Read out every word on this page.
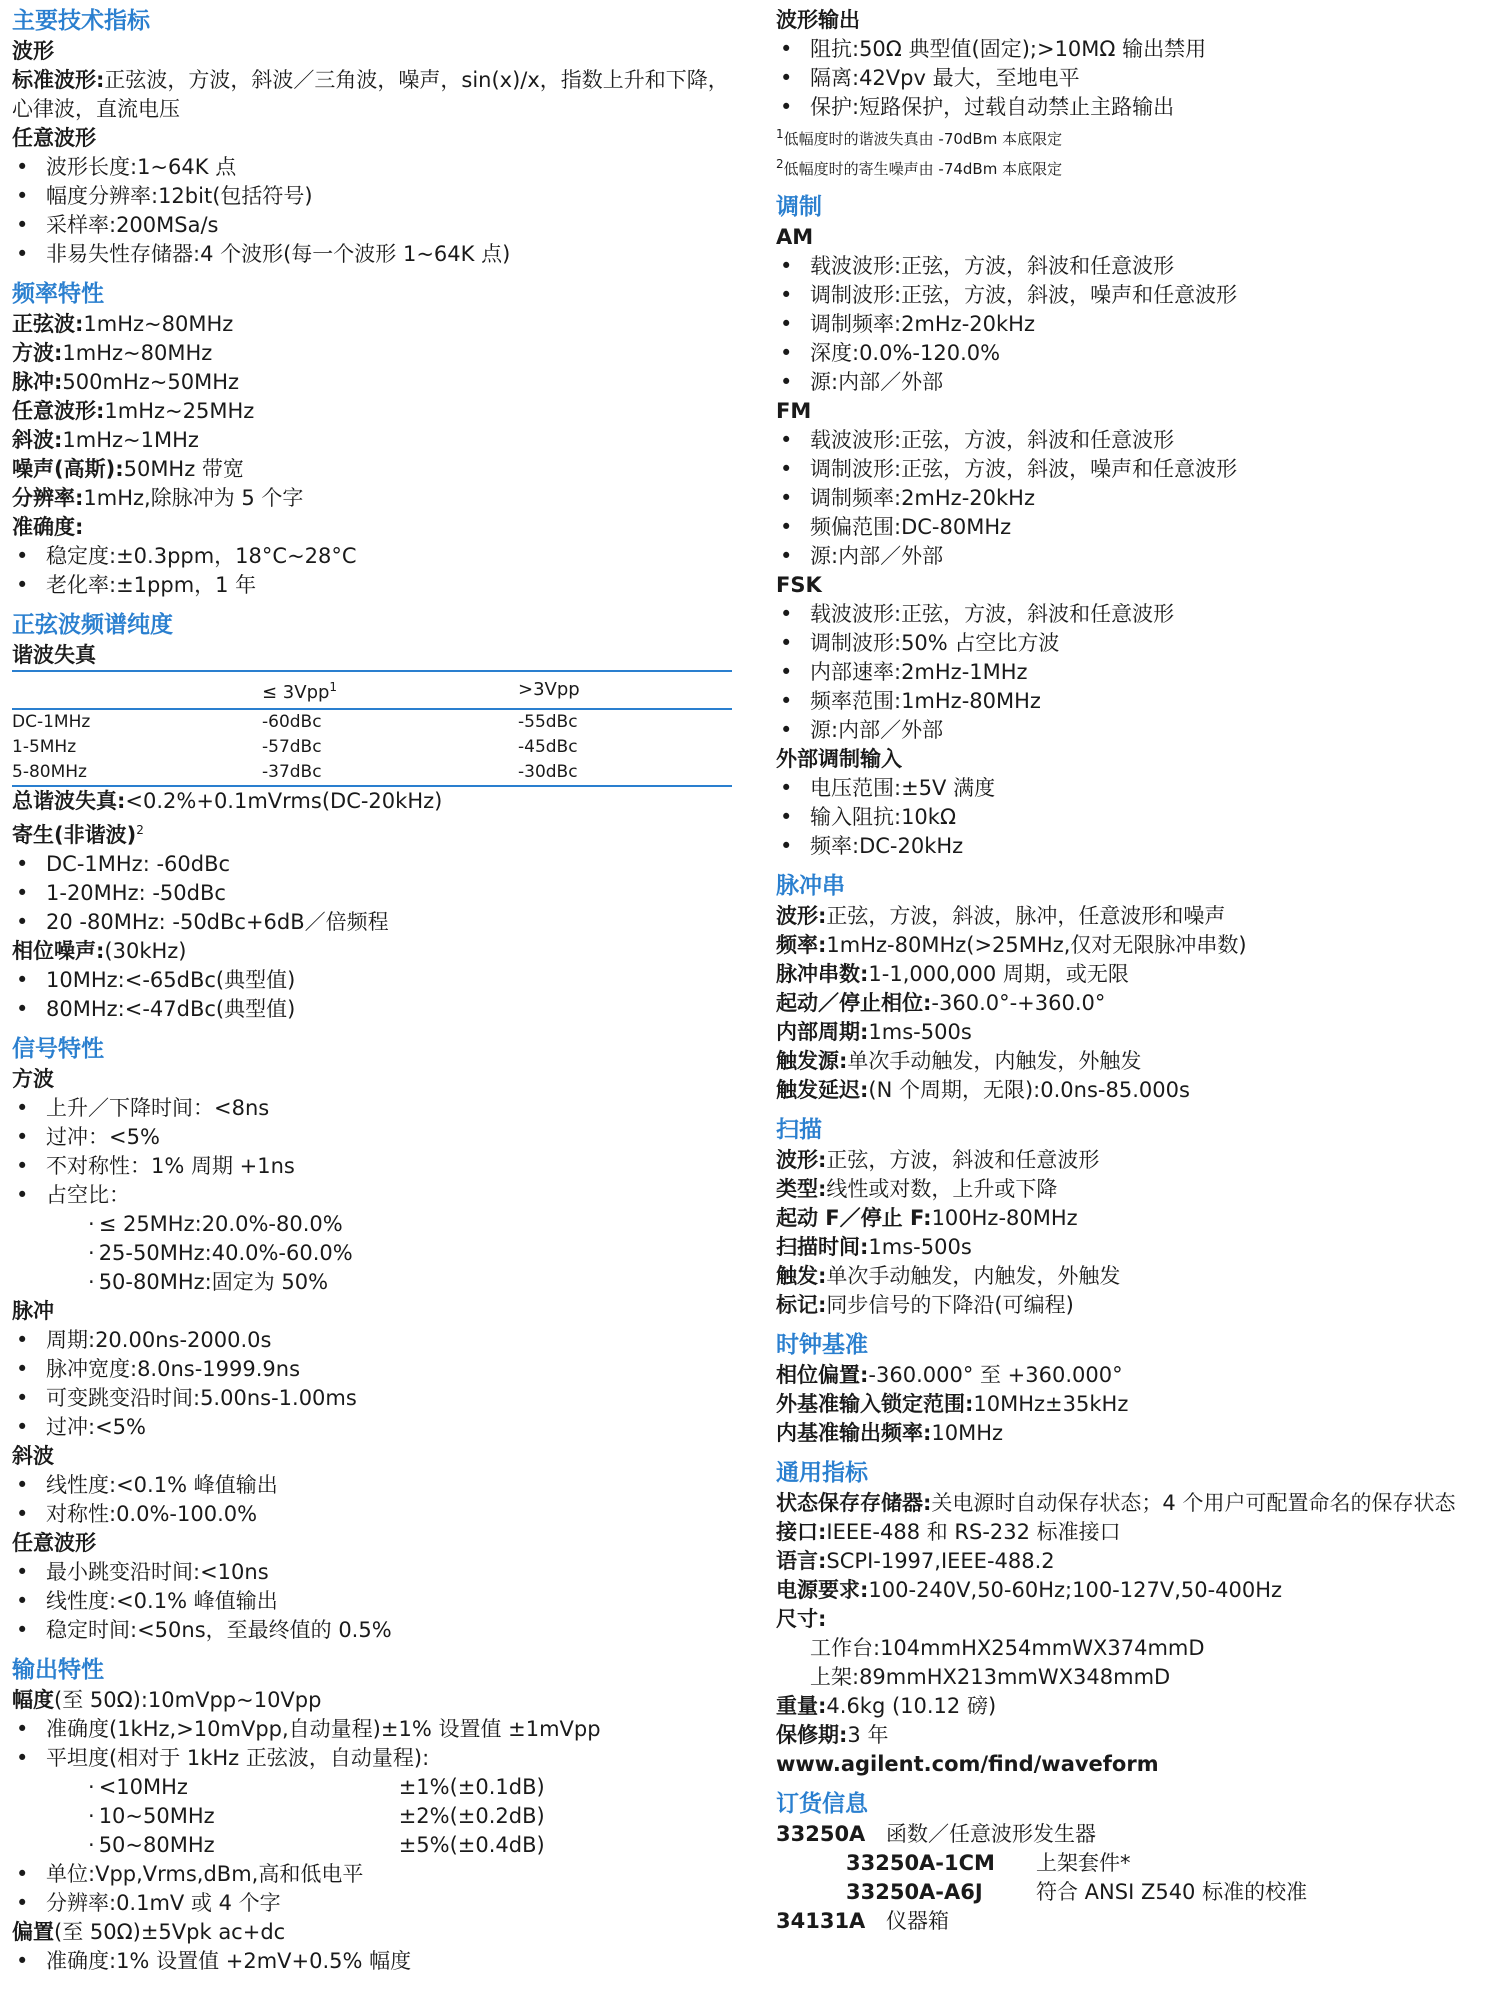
主要技术指标
波形
标准波形:正弦波，方波，斜波／三角波，噪声，sin(x)/x，指数上升和下降，心律波，直流电压
任意波形
• 波形长度:1~64K 点
• 幅度分辨率:12bit(包括符号)
• 采样率:200MSa/s
• 非易失性存储器:4 个波形(每一个波形 1~64K 点)
频率特性
正弦波:1mHz~80MHz
方波:1mHz~80MHz
脉冲:500mHz~50MHz
任意波形:1mHz~25MHz
斜波:1mHz~1MHz
噪声(高斯):50MHz 带宽
分辨率:1mHz,除脉冲为 5 个字
准确度:
• 稳定度:±0.3ppm，18°C~28°C
• 老化率:±1ppm，1 年
正弦波频谱纯度
谐波失真
	≤ 3Vpp$^1$	>3Vpp

DC-1MHz	-60dBc	-55dBc
1-5MHz	-57dBc	-45dBc
5-80MHz	-37dBc	-30dBc
总谐波失真:<0.2%+0.1mVrms(DC-20kHz)
寄生(非谐波)$^2$
• DC-1MHz: -60dBc
• 1-20MHz: -50dBc
• 20 -80MHz: -50dBc+6dB／倍频程
相位噪声:(30kHz)
• 10MHz:<-65dBc(典型值)
• 80MHz:<-47dBc(典型值)
信号特性
方波
• 上升／下降时间：<8ns
• 过冲：<5%
• 不对称性：1% 周期 +1ns
• 占空比：
· ≤ 25MHz:20.0%-80.0%
· 25-50MHz:40.0%-60.0%
· 50-80MHz:固定为 50%
脉冲
• 周期:20.00ns-2000.0s
• 脉冲宽度:8.0ns-1999.9ns
• 可变跳变沿时间:5.00ns-1.00ms
• 过冲:<5%
斜波
• 线性度:<0.1% 峰值输出
• 对称性:0.0%-100.0%
任意波形
• 最小跳变沿时间:<10ns
• 线性度:<0.1% 峰值输出
• 稳定时间:<50ns，至最终值的 0.5%
输出特性
幅度(至 50Ω):10mVpp~10Vpp
• 准确度(1kHz,>10mVpp,自动量程)±1% 设置值 ±1mVpp
• 平坦度(相对于 1kHz 正弦波，自动量程):
· <10MHz	±1%(±0.1dB)
· 10~50MHz	±2%(±0.2dB)
· 50~80MHz	±5%(±0.4dB)
• 单位:Vpp,Vrms,dBm,高和低电平
• 分辨率:0.1mV 或 4 个字
偏置(至 50Ω)±5Vpk ac+dc
• 准确度:1% 设置值 +2mV+0.5% 幅度
波形输出
• 阻抗:50Ω 典型值(固定);>10MΩ 输出禁用
• 隔离:42Vpv 最大，至地电平
• 保护:短路保护，过载自动禁止主路输出
$^1$低幅度时的谐波失真由 -70dBm 本底限定
$^2$低幅度时的寄生噪声由 -74dBm 本底限定
调制
AM
• 载波波形:正弦，方波，斜波和任意波形
• 调制波形:正弦，方波，斜波，噪声和任意波形
• 调制频率:2mHz-20kHz
• 深度:0.0%-120.0%
• 源:内部／外部
FM
• 载波波形:正弦，方波，斜波和任意波形
• 调制波形:正弦，方波，斜波，噪声和任意波形
• 调制频率:2mHz-20kHz
• 频偏范围:DC-80MHz
• 源:内部／外部
FSK
• 载波波形:正弦，方波，斜波和任意波形
• 调制波形:50% 占空比方波
• 内部速率:2mHz-1MHz
• 频率范围:1mHz-80MHz
• 源:内部／外部
外部调制输入
• 电压范围:±5V 满度
• 输入阻抗:10kΩ
• 频率:DC-20kHz
脉冲串
波形:正弦，方波，斜波，脉冲，任意波形和噪声
频率:1mHz-80MHz(>25MHz,仅对无限脉冲串数)
脉冲串数:1-1,000,000 周期，或无限
起动／停止相位:-360.0°-+360.0°
内部周期:1ms-500s
触发源:单次手动触发，内触发，外触发
触发延迟:(N 个周期，无限):0.0ns-85.000s
扫描
波形:正弦，方波，斜波和任意波形
类型:线性或对数，上升或下降
起动 F／停止 F:100Hz-80MHz
扫描时间:1ms-500s
触发:单次手动触发，内触发，外触发
标记:同步信号的下降沿(可编程)
时钟基准
相位偏置:-360.000° 至 +360.000°
外基准输入锁定范围:10MHz±35kHz
内基准输出频率:10MHz
通用指标
状态保存存储器:关电源时自动保存状态；4 个用户可配置命名的保存状态
接口:IEEE-488 和 RS-232 标准接口
语言:SCPI-1997,IEEE-488.2
电源要求:100-240V,50-60Hz;100-127V,50-400Hz
尺寸:
工作台:104mmHX254mmWX374mmD
上架:89mmHX213mmWX348mmD
重量:4.6kg (10.12 磅)
保修期:3 年
www.agilent.com/find/waveform
订货信息
33250A 函数／任意波形发生器
33250A-1CM 上架套件*
33250A-A6J	符合 ANSI Z540 标准的校准
34131A 仪器箱
